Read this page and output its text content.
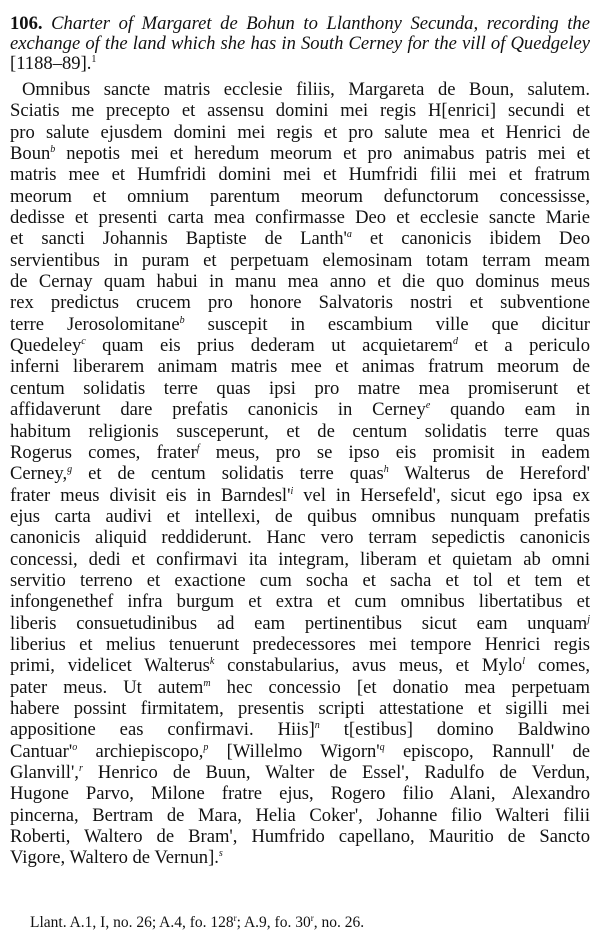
106. Charter of Margaret de Bohun to Llanthony Secunda, recording the exchange of the land which she has in South Cerney for the vill of Quedgeley [1188–89].$^1$

Omnibus sancte matris ecclesie filiis, Margareta de Boun, salutem.
Sciatis me precepto et assensu domini mei regis H[enrici] secundi et
pro salute ejusdem domini mei regis et pro salute mea et Henrici de
Boun$^b$ nepotis mei et heredum meorum et pro animabus patris mei et
matris mee et Humfridi domini mei et Humfridi filii mei et fratrum
meorum et omnium parentum meorum defunctorum concessisse,
dedisse et presenti carta mea confirmasse Deo et ecclesie sancte Marie
et sancti Johannis Baptiste de $Lanth'^a$ et canonicis ibidem Deo
servientibus in puram et perpetuam elemosinam totam terram meam
de Cernay quam habui in manu mea anno et die quo dominus meus
rex predictus crucem pro honore Salvatoris nostri et subventione
terre Jerosolomitane$^b$ suscepit in escambium ville que dicitur
Quedeley$^c$ quam eis prius dederam ut acquietarem$^d$ et a periculo
inferni liberarem animam matris mee et animas fratrum meorum de
centum solidatis terre quas ipsi pro matre mea promiserunt et
affidaverunt dare prefatis canonicis in Cerney$^e$ quando eam in
habitum religionis susceperunt, et de centum solidatis terre quas
Rogerus comes, frater$^f$ meus, pro se ipso eis promisit in eadem
Cerney,$^g$ et de centum solidatis terre quas$^h$ Walterus de Hereford'
frater meus divisit eis in $Barndesl'^i$ vel in Hersefeld', sicut ego ipsa ex
ejus carta audivi et intellexi, de quibus omnibus nunquam prefatis
canonicis aliquid reddiderunt. Hanc vero terram sepedictis canonicis
concessi, dedi et confirmavi ita integram, liberam et quietam ab omni
servitio terreno et exactione cum socha et sacha et tol et tem et
infongenethef infra burgum et extra et cum omnibus libertatibus et
liberis consuetudinibus ad eam pertinentibus sicut eam unquam$^j$
liberius et melius tenuerunt predecessores mei tempore Henrici regis
primi, videlicet Walterus$^k$ constabularius, avus meus, et Mylo$^l$ comes,
pater meus. Ut autem$^m$ hec concessio [et donatio mea perpetuam
habere possint firmitatem, presentis scripti attestatione et sigilli mei
appositione eas confirmavi. Hiis]$^n$ t[estibus] domino Baldwino
$Cantuar'^o$ archiepiscopo,$^p$ [Willelmo $Wigorn'^q$ episcopo, Rannull' de
Glanvill',$^r$ Henrico de Buun, Walter de Essel', Radulfo de Verdun,
Hugone Parvo, Milone fratre ejus, Rogero filio Alani, Alexandro
pincerna, Bertram de Mara, Helia Coker', Johanne filio Walteri filii
Roberti, Waltero de Bram', Humfrido capellano, Mauritio de Sancto
Vigore, Waltero de Vernun].$^s$
Llant. A.1, I, no. 26; A.4, fo. 128$^r$; A.9, fo. 30$^r$, no. 26.
